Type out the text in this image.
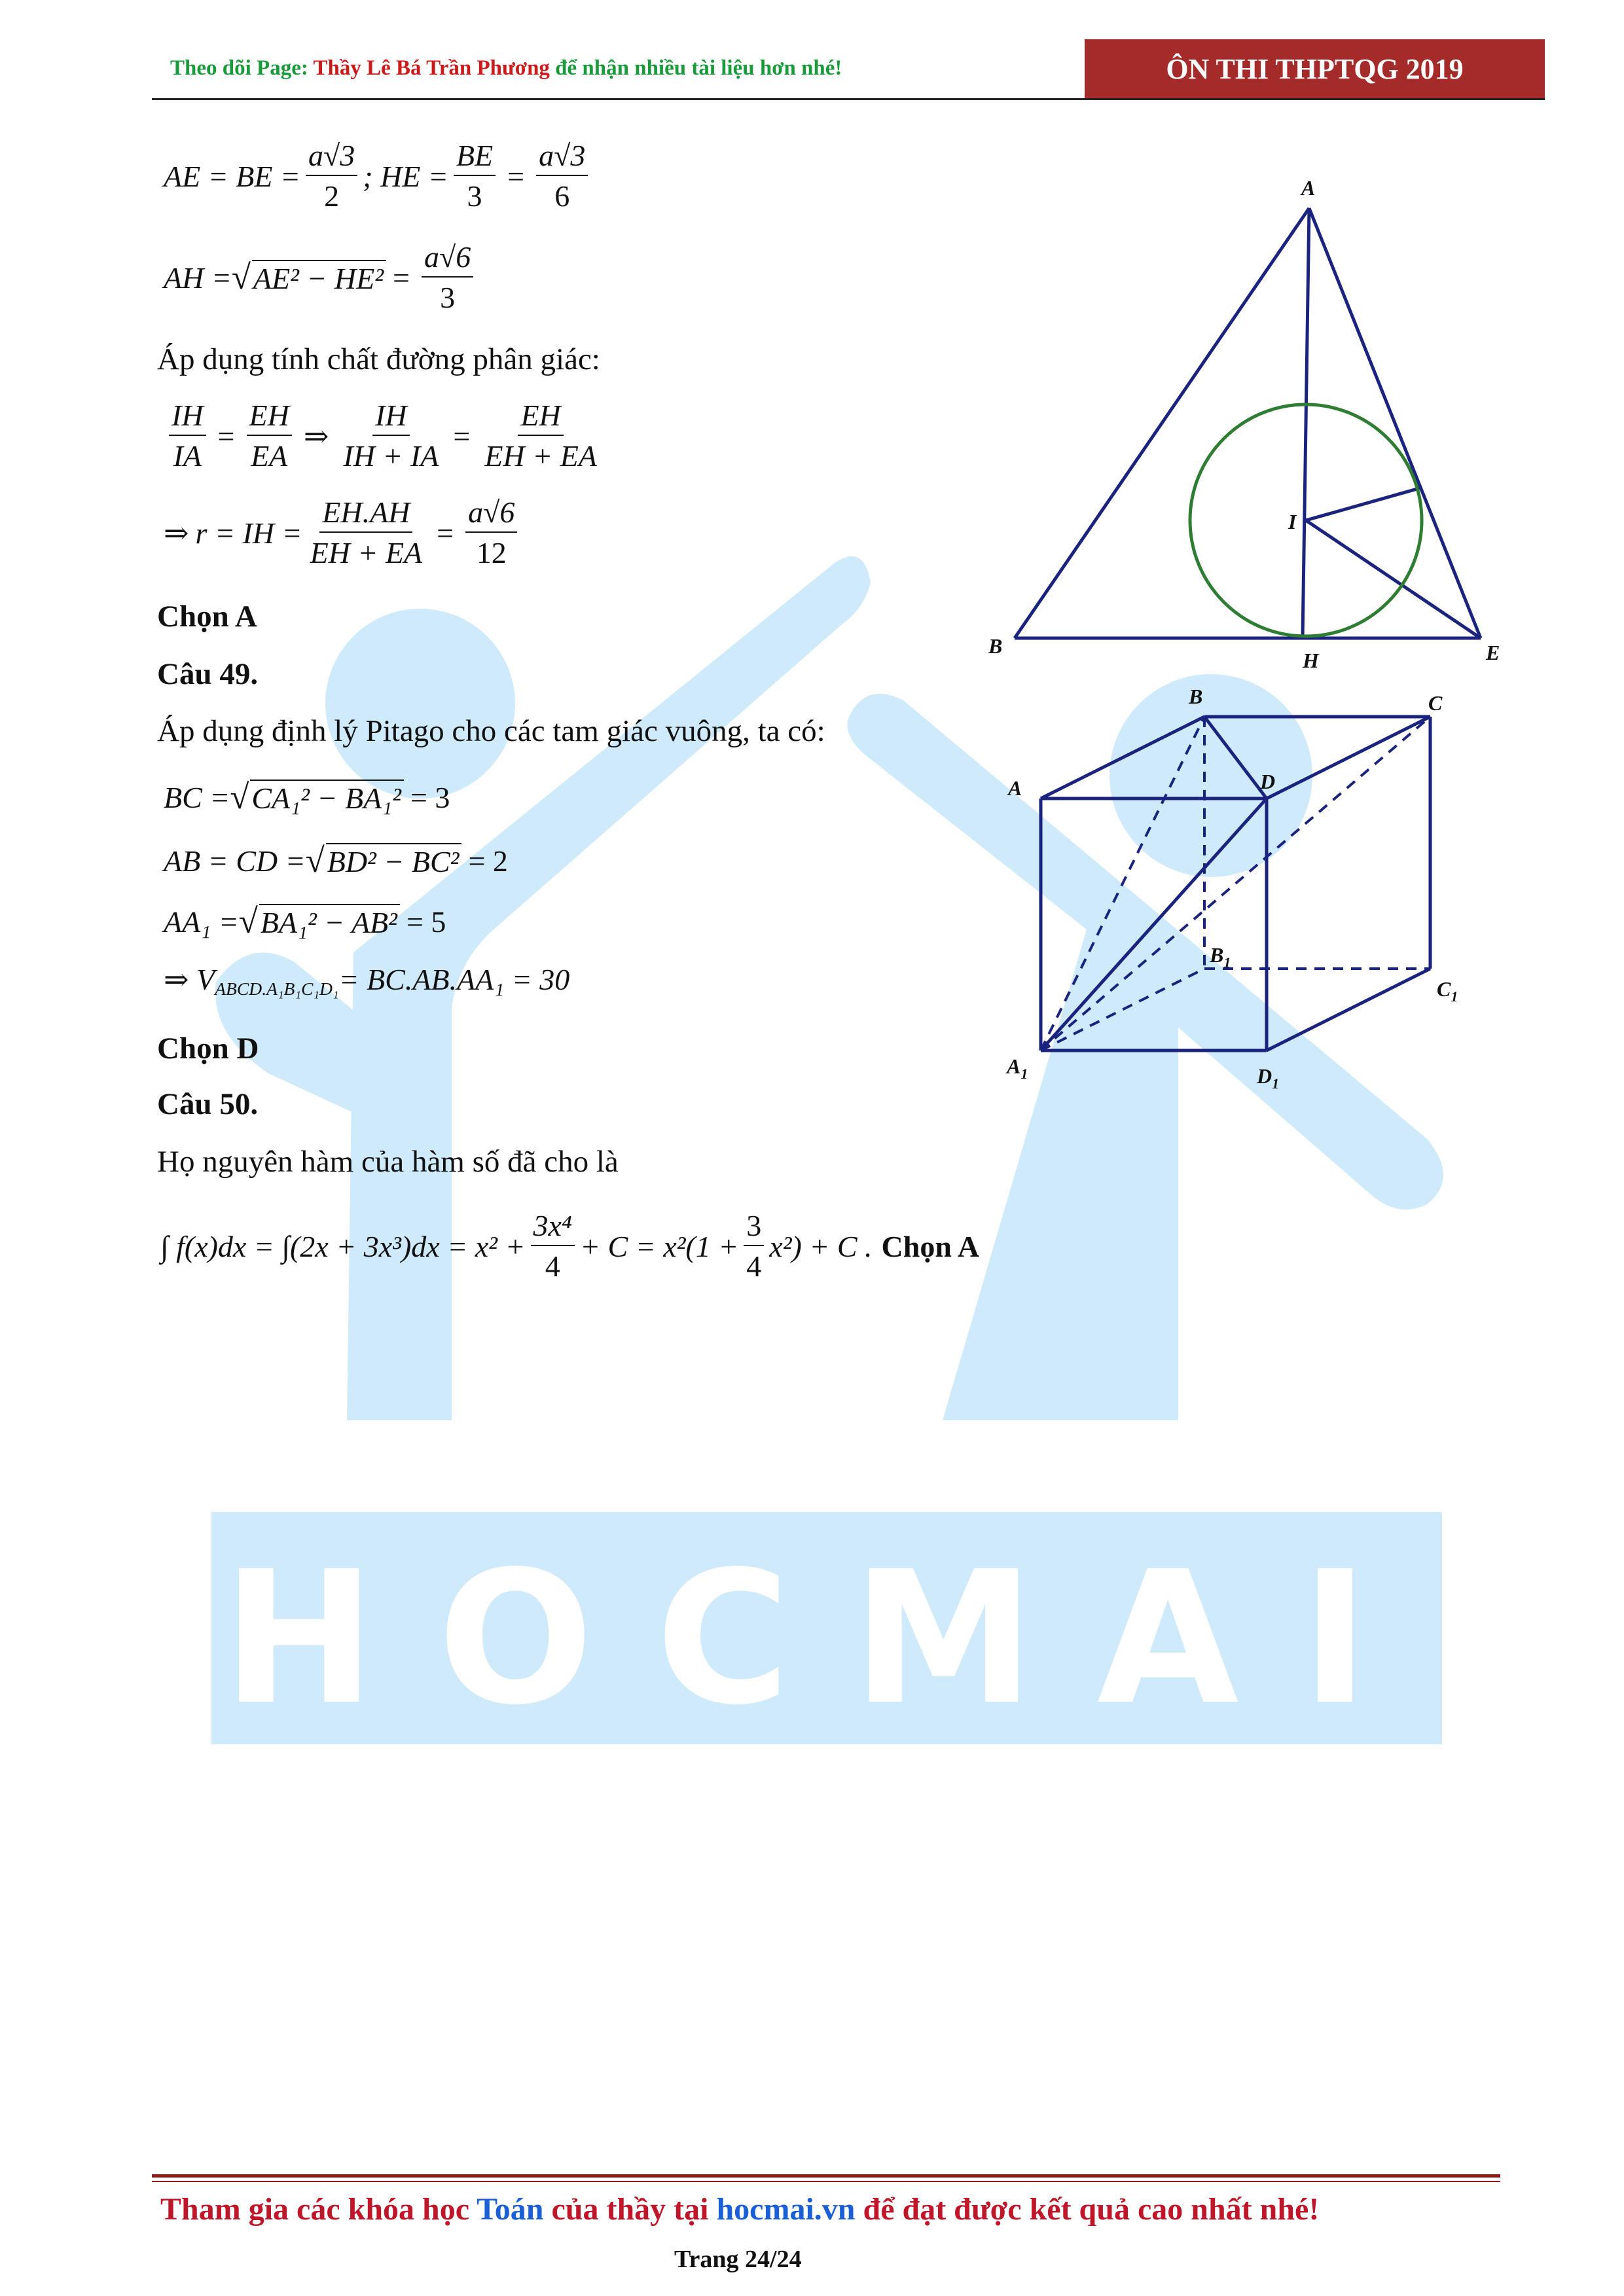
HOCMAI
Theo dõi Page: Thầy Lê Bá Trần Phương để nhận nhiều tài liệu hơn nhé!	ÔN THI THPTQG 2019
AE = BE = $\frac{a√3}{2}$ ; HE = $\frac{BE}{3} = \frac{a√3}{6}$
AH = √ $AE^2 - HE^2 = \frac{a√6}{3}$
Áp dụng tính chất đường phân giác:
$\frac{IH}{IA} = \frac{EH}{EA}$ ⇒ $\frac{IH}{IH + IA} = \frac{EH}{EH + EA}$
⇒ r = IH = $\frac{EH.AH}{EH + EA} = \frac{a√6}{12}$
Chọn A
Câu 49.
Áp dụng định lý Pitago cho các tam giác vuông, ta có:
BC = √ CA₁² − BA₁² = 3
AB = CD = √ BD² − BC² = 2
AA₁ = √ BA₁² − AB² = 5
⇒ $V_{ABCD.A_1B_1C_1D_1} = BC.AB.AA_1 = 30$
Chọn D
Câu 50.
Họ nguyên hàm của hàm số đã cho là
∫ $f(x)dx = \int(2x + 3x^3)dx = x^2 + \frac{\text{3x⁴}}{4} + C = x^2(1 + \frac{3}{4} x^2) + C$ . Chọn A
A
B	E
H
I
B	C
A	D
$B_1$
$C_1$
$A_1$	$D_1$
Tham gia các khóa học Toán của thầy tại hocmai.vn để đạt được kết quả cao nhất nhé!
Trang 24/24
